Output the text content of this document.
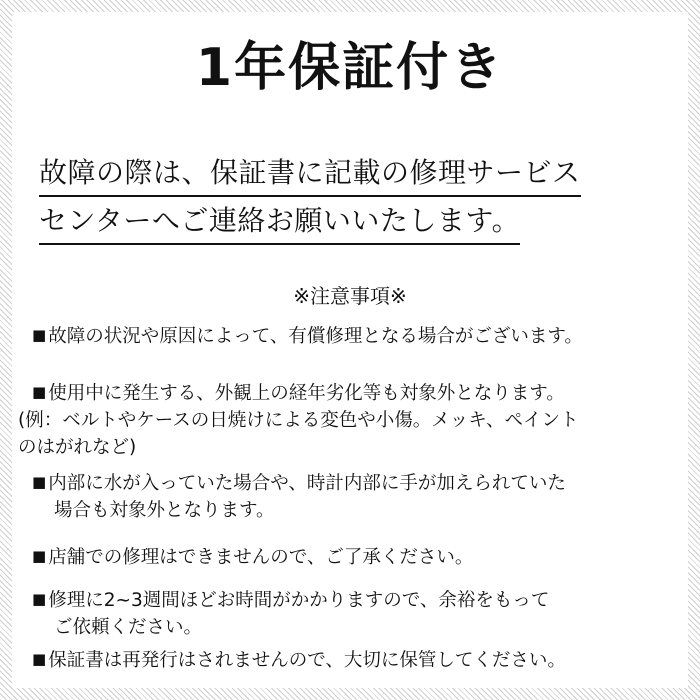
1年保証付き
故障の際は、保証書に記載の修理サービス
センターへご連絡お願いいたします。
※注意事項※
■ 故障の状況や原因によって、有償修理となる場合がございます。
■ 使用中に発生する、外観上の経年劣化等も対象外となります。
(例：ベルトやケースの日焼けによる変色や小傷。メッキ、ペイント
のはがれなど)
■ 内部に水が入っていた場合や、時計内部に手が加えられていた
場合も対象外となります。
■ 店舗での修理はできませんので、ご了承ください。
■ 修理に2~3週間ほどお時間がかかりますので、余裕をもって
ご依頼ください。
■ 保証書は再発行はされませんので、大切に保管してください。
